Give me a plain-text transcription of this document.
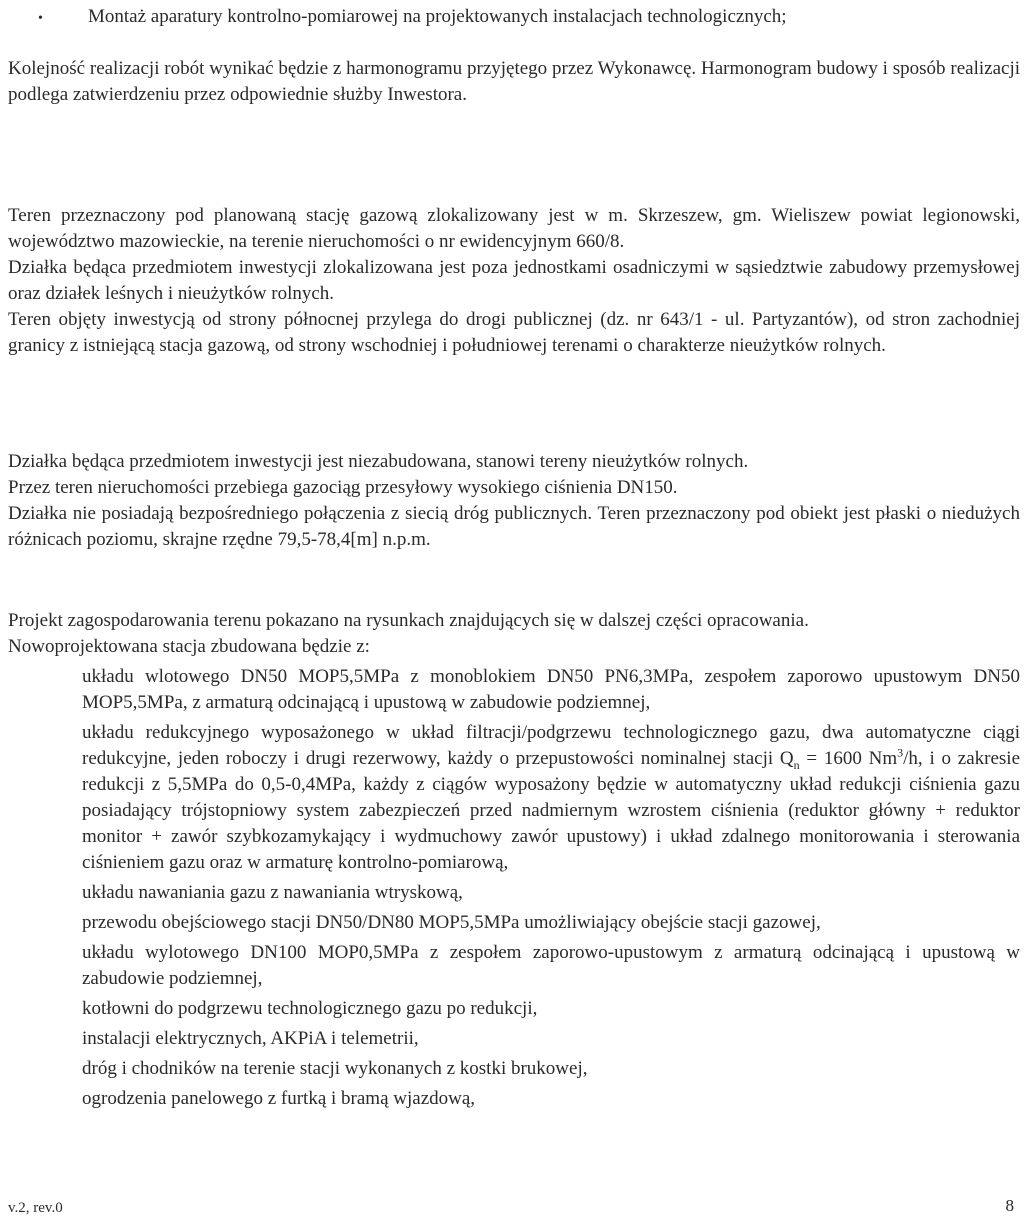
•	Montaż aparatury kontrolno-pomiarowej na projektowanych instalacjach technologicznych;

Kolejność realizacji robót wynikać będzie z harmonogramu przyjętego przez Wykonawcę. Harmonogram budowy i sposób realizacji podlega zatwierdzeniu przez odpowiednie służby Inwestora.

Teren przeznaczony pod planowaną stację gazową zlokalizowany jest w m. Skrzeszew, gm. Wieliszew powiat legionowski, województwo mazowieckie, na terenie nieruchomości o nr ewidencyjnym 660/8.

Działka będąca przedmiotem inwestycji zlokalizowana jest poza jednostkami osadniczymi w sąsiedztwie zabudowy przemysłowej oraz działek leśnych i nieużytków rolnych.

Teren objęty inwestycją od strony północnej przylega do drogi publicznej (dz. nr 643/1 - ul. Partyzantów), od stron zachodniej granicy z istniejącą stacja gazową, od strony wschodniej i południowej terenami o charakterze nieużytków rolnych.

Działka będąca przedmiotem inwestycji jest niezabudowana, stanowi tereny nieużytków rolnych.

Przez teren nieruchomości przebiega gazociąg przesyłowy wysokiego ciśnienia DN150.

Działka nie posiadają bezpośredniego połączenia z siecią dróg publicznych. Teren przeznaczony pod obiekt jest płaski o niedużych różnicach poziomu, skrajne rzędne 79,5-78,4[m] n.p.m.

Projekt zagospodarowania terenu pokazano na rysunkach znajdujących się w dalszej części opracowania.

Nowoprojektowana stacja zbudowana będzie z:

układu wlotowego DN50 MOP5,5MPa z monoblokiem DN50 PN6,3MPa, zespołem zaporowo upustowym DN50 MOP5,5MPa, z armaturą odcinającą i upustową w zabudowie podziemnej,

układu redukcyjnego wyposażonego w układ filtracji/podgrzewu technologicznego gazu, dwa automatyczne ciągi redukcyjne, jeden roboczy i drugi rezerwowy, każdy o przepustowości nominalnej stacji $Q_n = 1600$ Nm$^3$/h, i o zakresie redukcji z 5,5MPa do 0,5-0,4MPa, każdy z ciągów wyposażony będzie w automatyczny układ redukcji ciśnienia gazu posiadający trójstopniowy system zabezpieczeń przed nadmiernym wzrostem ciśnienia (reduktor główny + reduktor monitor + zawór szybkozamykający i wydmuchowy zawór upustowy) i układ zdalnego monitorowania i sterowania ciśnieniem gazu oraz w armaturę kontrolno-pomiarową,

układu nawaniania gazu z nawaniania wtryskową,

przewodu obejściowego stacji DN50/DN80 MOP5,5MPa umożliwiający obejście stacji gazowej,

układu wylotowego DN100 MOP0,5MPa z zespołem zaporowo-upustowym z armaturą odcinającą i upustową w zabudowie podziemnej,

kotłowni do podgrzewu technologicznego gazu po redukcji,

instalacji elektrycznych, AKPiA i telemetrii,

dróg i chodników na terenie stacji wykonanych z kostki brukowej,

ogrodzenia panelowego z furtką i bramą wjazdową,

v.2, rev.0	8
